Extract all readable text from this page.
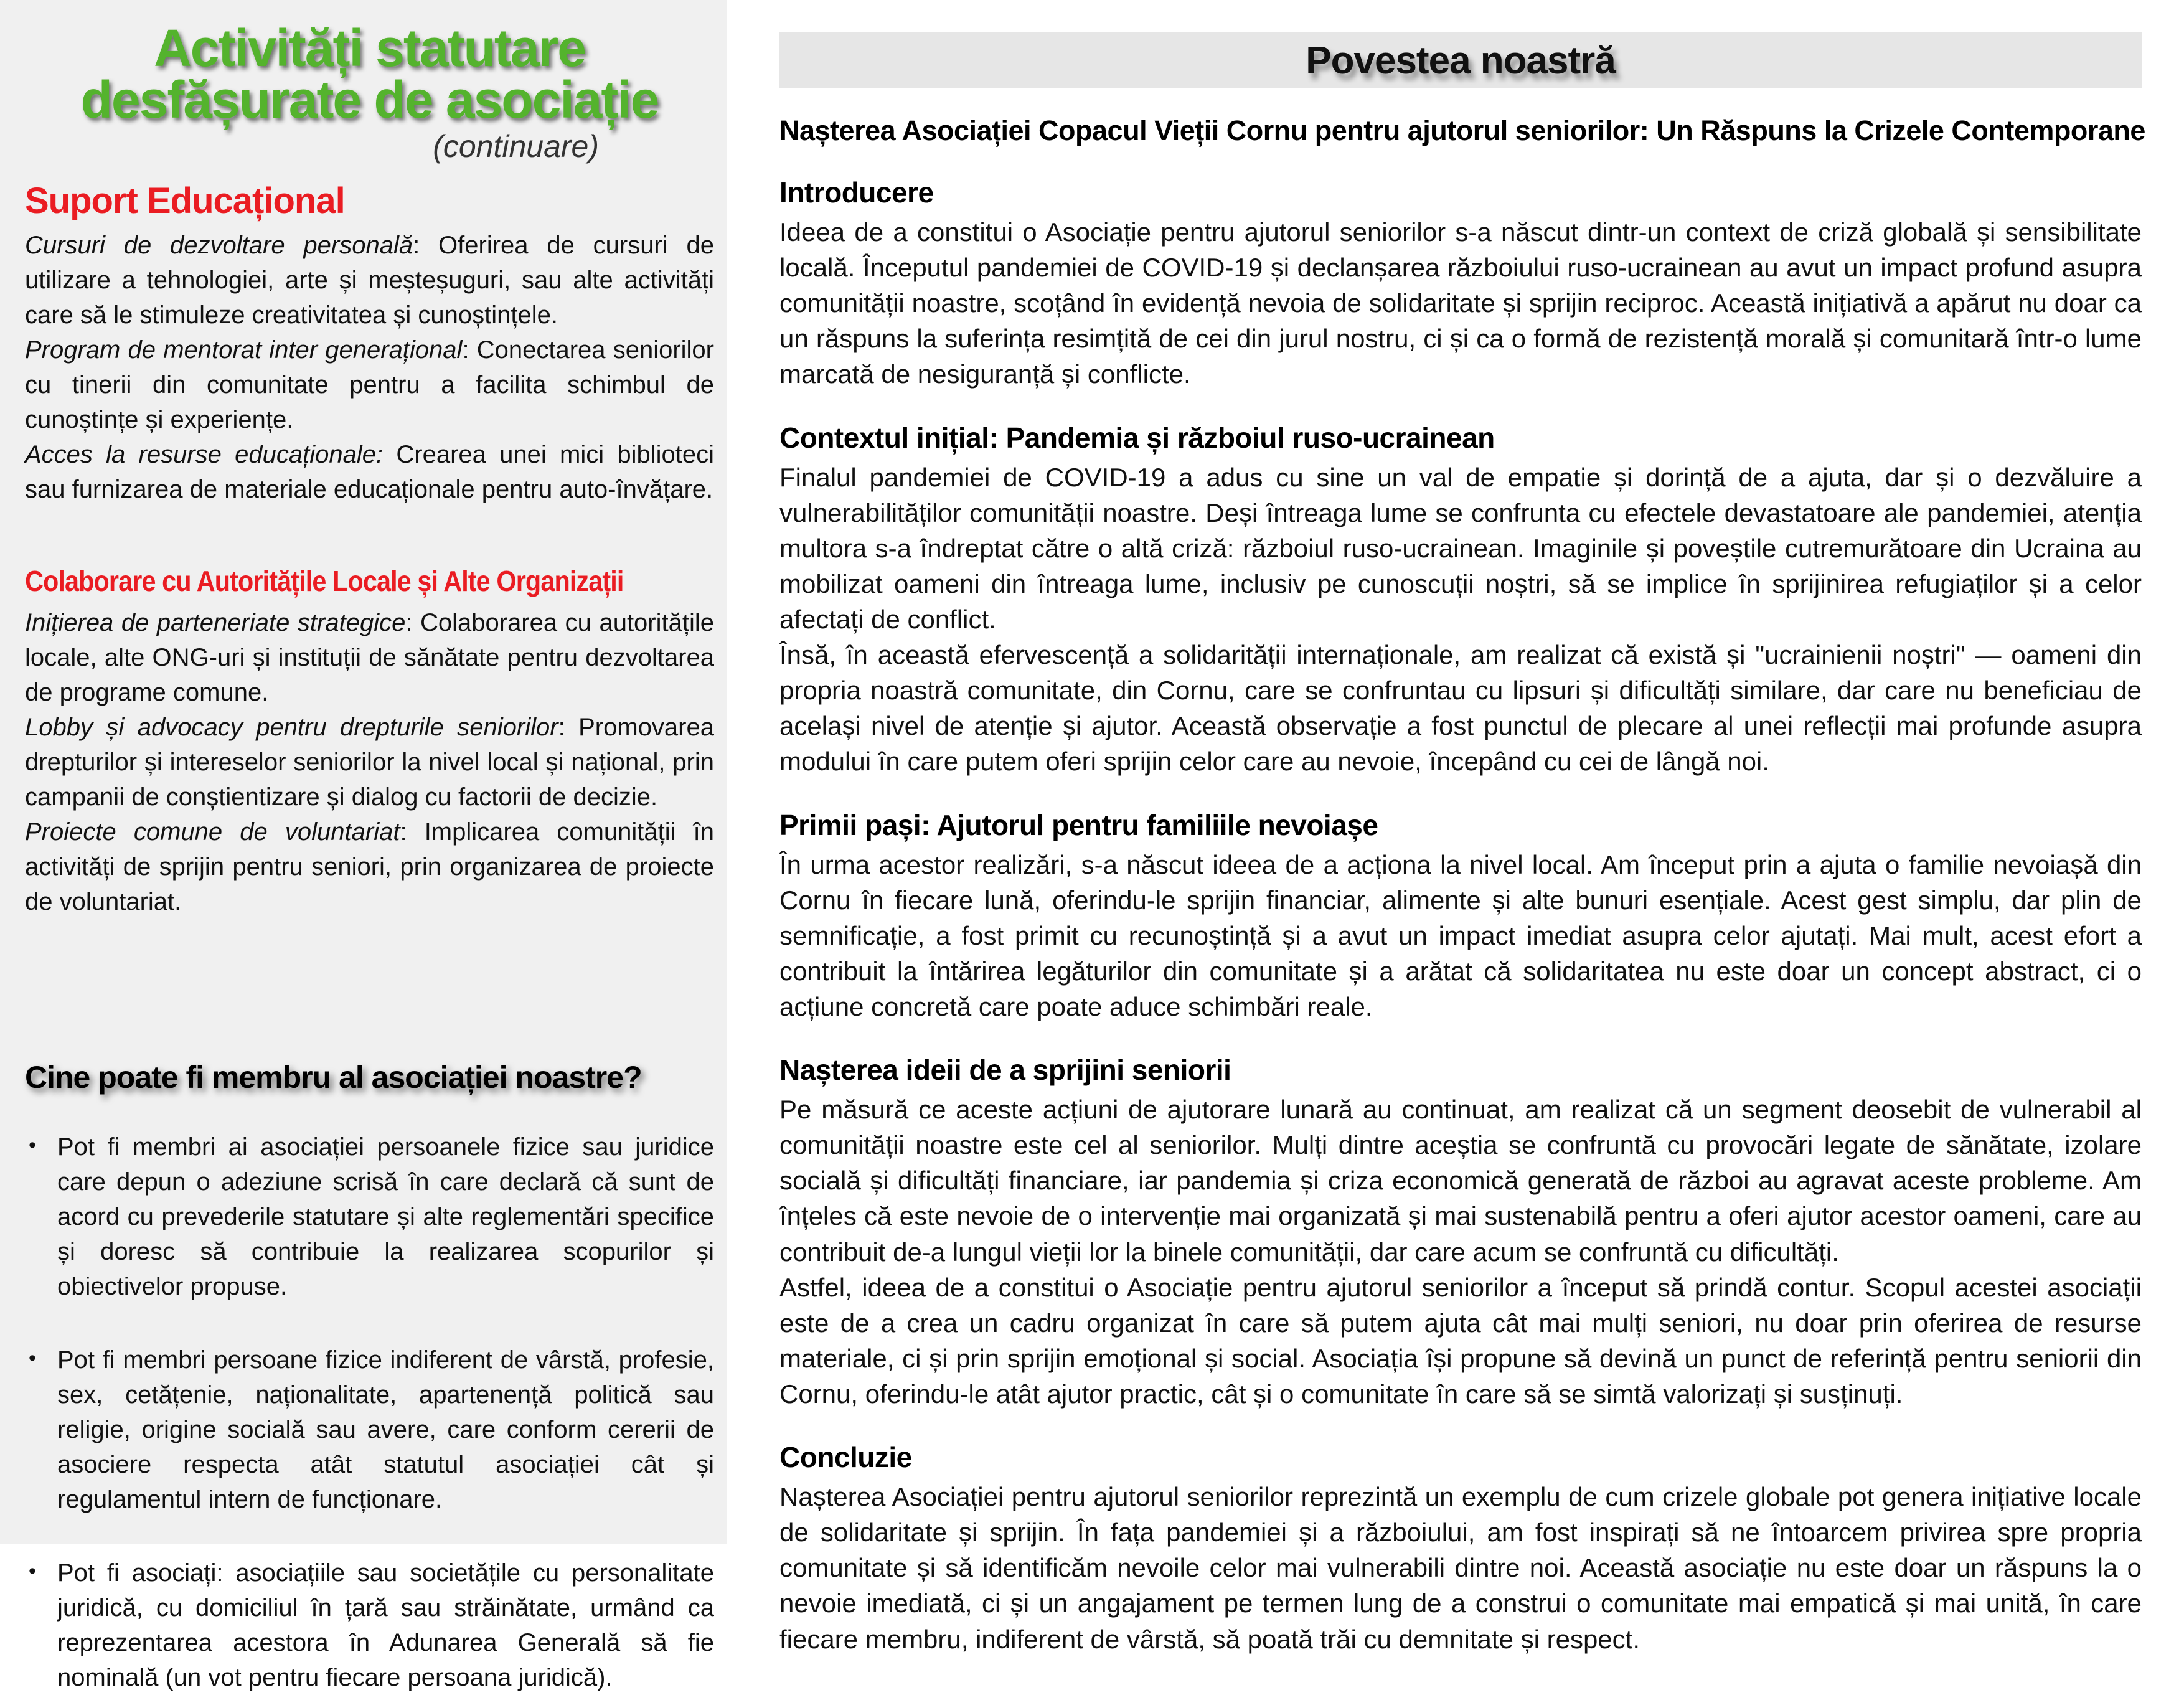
Activități statutare
desfășurate de asociație
(continuare)
Suport Educațional

Cursuri de dezvoltare personală: Oferirea de cursuri de utilizare a tehnologiei, arte și meșteșuguri, sau alte activități care să le stimuleze creativitatea și cunoștințele.

Program de mentorat inter generațional: Conectarea seniorilor cu tinerii din comunitate pentru a facilita schimbul de cunoștințe și experiențe.

Acces la resurse educaționale: Crearea unei mici biblioteci sau furnizarea de materiale educaționale pentru auto-învățare.

Colaborare cu Autoritățile Locale și Alte Organizații

Inițierea de parteneriate strategice: Colaborarea cu autoritățile locale, alte ONG-uri și instituții de sănătate pentru dezvoltarea de programe comune.

Lobby și advocacy pentru drepturile seniorilor: Promovarea drepturilor și intereselor seniorilor la nivel local și național, prin campanii de conștientizare și dialog cu factorii de decizie.

Proiecte comune de voluntariat: Implicarea comunității în activități de sprijin pentru seniori, prin organizarea de proiecte de voluntariat.

Cine poate fi membru al asociației noastre?
• Pot fi membri ai asociației persoanele fizice sau juridice care depun o adeziune scrisă în care declară că sunt de acord cu prevederile statutare și alte reglementări specifice și doresc să contribuie la realizarea scopurilor și obiectivelor propuse.
• Pot fi membri persoane fizice indiferent de vârstă, profesie, sex, cetățenie, naționalitate, apartenență politică sau religie, origine socială sau avere, care conform cererii de asociere respecta atât statutul asociației cât și regulamentul intern de funcționare.
• Pot fi asociați: asociațiile sau societățile cu personalitate juridică, cu domiciliul în țară sau străinătate, urmând ca reprezentarea acestora în Adunarea Generală să fie nominală (un vot pentru fiecare persoana juridică).
Povestea noastră
Nașterea Asociației Copacul Vieții Cornu pentru ajutorul seniorilor: Un Răspuns la Crizele Contemporane
Introducere

Ideea de a constitui o Asociație pentru ajutorul seniorilor s-a născut dintr-un context de criză globală și sensibilitate locală. Începutul pandemiei de COVID-19 și declanșarea războiului ruso-ucrainean au avut un impact profund asupra comunității noastre, scoțând în evidență nevoia de solidaritate și sprijin reciproc. Această inițiativă a apărut nu doar ca un răspuns la suferința resimțită de cei din jurul nostru, ci și ca o formă de rezistență morală și comunitară într-o lume marcată de nesiguranță și conflicte.

Contextul inițial: Pandemia și războiul ruso-ucrainean

Finalul pandemiei de COVID-19 a adus cu sine un val de empatie și dorință de a ajuta, dar și o dezvăluire a vulnerabilităților comunității noastre. Deși întreaga lume se confrunta cu efectele devastatoare ale pandemiei, atenția multora s-a îndreptat către o altă criză: războiul ruso-ucrainean. Imaginile și poveștile cutremurătoare din Ucraina au mobilizat oameni din întreaga lume, inclusiv pe cunoscuții noștri, să se implice în sprijinirea refugiaților și a celor afectați de conflict.

Însă, în această efervescență a solidarității internaționale, am realizat că există și "ucrainienii noștri" — oameni din propria noastră comunitate, din Cornu, care se confruntau cu lipsuri și dificultăți similare, dar care nu beneficiau de același nivel de atenție și ajutor. Această observație a fost punctul de plecare al unei reflecții mai profunde asupra modului în care putem oferi sprijin celor care au nevoie, începând cu cei de lângă noi.

Primii pași: Ajutorul pentru familiile nevoiașe

În urma acestor realizări, s-a născut ideea de a acționa la nivel local. Am început prin a ajuta o familie nevoiașă din Cornu în fiecare lună, oferindu-le sprijin financiar, alimente și alte bunuri esențiale. Acest gest simplu, dar plin de semnificație, a fost primit cu recunoștință și a avut un impact imediat asupra celor ajutați. Mai mult, acest efort a contribuit la întărirea legăturilor din comunitate și a arătat că solidaritatea nu este doar un concept abstract, ci o acțiune concretă care poate aduce schimbări reale.

Nașterea ideii de a sprijini seniorii

Pe măsură ce aceste acțiuni de ajutorare lunară au continuat, am realizat că un segment deosebit de vulnerabil al comunității noastre este cel al seniorilor. Mulți dintre aceștia se confruntă cu provocări legate de sănătate, izolare socială și dificultăți financiare, iar pandemia și criza economică generată de război au agravat aceste probleme. Am înțeles că este nevoie de o intervenție mai organizată și mai sustenabilă pentru a oferi ajutor acestor oameni, care au contribuit de-a lungul vieții lor la binele comunității, dar care acum se confruntă cu dificultăți.

Astfel, ideea de a constitui o Asociație pentru ajutorul seniorilor a început să prindă contur. Scopul acestei asociații este de a crea un cadru organizat în care să putem ajuta cât mai mulți seniori, nu doar prin oferirea de resurse materiale, ci și prin sprijin emoțional și social. Asociația își propune să devină un punct de referință pentru seniorii din Cornu, oferindu-le atât ajutor practic, cât și o comunitate în care să se simtă valorizați și susținuți.

Concluzie

Nașterea Asociației pentru ajutorul seniorilor reprezintă un exemplu de cum crizele globale pot genera inițiative locale de solidaritate și sprijin. În fața pandemiei și a războiului, am fost inspirați să ne întoarcem privirea spre propria comunitate și să identificăm nevoile celor mai vulnerabili dintre noi. Această asociație nu este doar un răspuns la o nevoie imediată, ci și un angajament pe termen lung de a construi o comunitate mai empatică și mai unită, în care fiecare membru, indiferent de vârstă, să poată trăi cu demnitate și respect.
